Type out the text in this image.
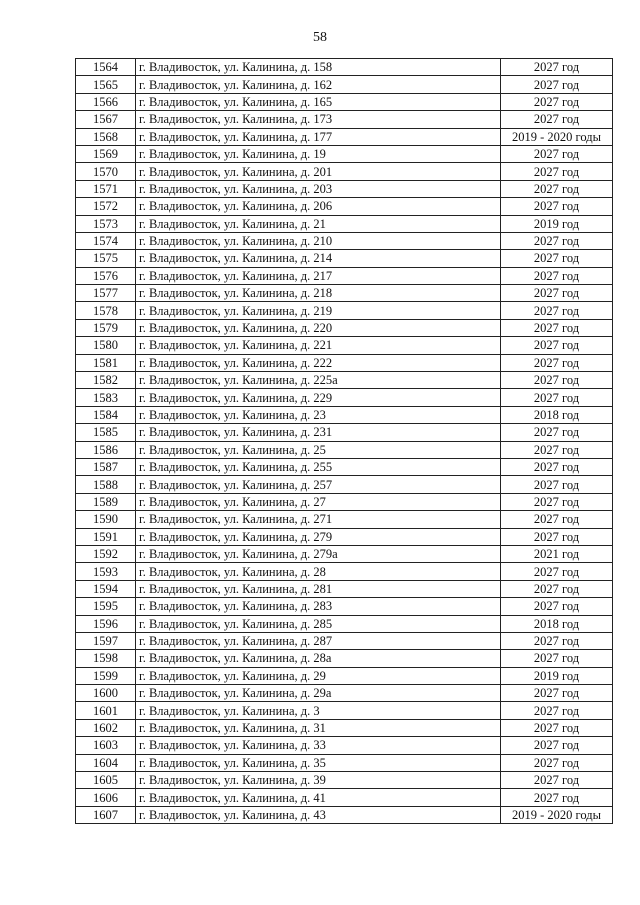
58
1564	г. Владивосток, ул. Калинина, д. 158	2027 год
1565	г. Владивосток, ул. Калинина, д. 162	2027 год
1566	г. Владивосток, ул. Калинина, д. 165	2027 год
1567	г. Владивосток, ул. Калинина, д. 173	2027 год
1568	г. Владивосток, ул. Калинина, д. 177	2019 - 2020 годы
1569	г. Владивосток, ул. Калинина, д. 19	2027 год
1570	г. Владивосток, ул. Калинина, д. 201	2027 год
1571	г. Владивосток, ул. Калинина, д. 203	2027 год
1572	г. Владивосток, ул. Калинина, д. 206	2027 год
1573	г. Владивосток, ул. Калинина, д. 21	2019 год
1574	г. Владивосток, ул. Калинина, д. 210	2027 год
1575	г. Владивосток, ул. Калинина, д. 214	2027 год
1576	г. Владивосток, ул. Калинина, д. 217	2027 год
1577	г. Владивосток, ул. Калинина, д. 218	2027 год
1578	г. Владивосток, ул. Калинина, д. 219	2027 год
1579	г. Владивосток, ул. Калинина, д. 220	2027 год
1580	г. Владивосток, ул. Калинина, д. 221	2027 год
1581	г. Владивосток, ул. Калинина, д. 222	2027 год
1582	г. Владивосток, ул. Калинина, д. 225а	2027 год
1583	г. Владивосток, ул. Калинина, д. 229	2027 год
1584	г. Владивосток, ул. Калинина, д. 23	2018 год
1585	г. Владивосток, ул. Калинина, д. 231	2027 год
1586	г. Владивосток, ул. Калинина, д. 25	2027 год
1587	г. Владивосток, ул. Калинина, д. 255	2027 год
1588	г. Владивосток, ул. Калинина, д. 257	2027 год
1589	г. Владивосток, ул. Калинина, д. 27	2027 год
1590	г. Владивосток, ул. Калинина, д. 271	2027 год
1591	г. Владивосток, ул. Калинина, д. 279	2027 год
1592	г. Владивосток, ул. Калинина, д. 279а	2021 год
1593	г. Владивосток, ул. Калинина, д. 28	2027 год
1594	г. Владивосток, ул. Калинина, д. 281	2027 год
1595	г. Владивосток, ул. Калинина, д. 283	2027 год
1596	г. Владивосток, ул. Калинина, д. 285	2018 год
1597	г. Владивосток, ул. Калинина, д. 287	2027 год
1598	г. Владивосток, ул. Калинина, д. 28а	2027 год
1599	г. Владивосток, ул. Калинина, д. 29	2019 год
1600	г. Владивосток, ул. Калинина, д. 29а	2027 год
1601	г. Владивосток, ул. Калинина, д. 3	2027 год
1602	г. Владивосток, ул. Калинина, д. 31	2027 год
1603	г. Владивосток, ул. Калинина, д. 33	2027 год
1604	г. Владивосток, ул. Калинина, д. 35	2027 год
1605	г. Владивосток, ул. Калинина, д. 39	2027 год
1606	г. Владивосток, ул. Калинина, д. 41	2027 год
1607	г. Владивосток, ул. Калинина, д. 43	2019 - 2020 годы
